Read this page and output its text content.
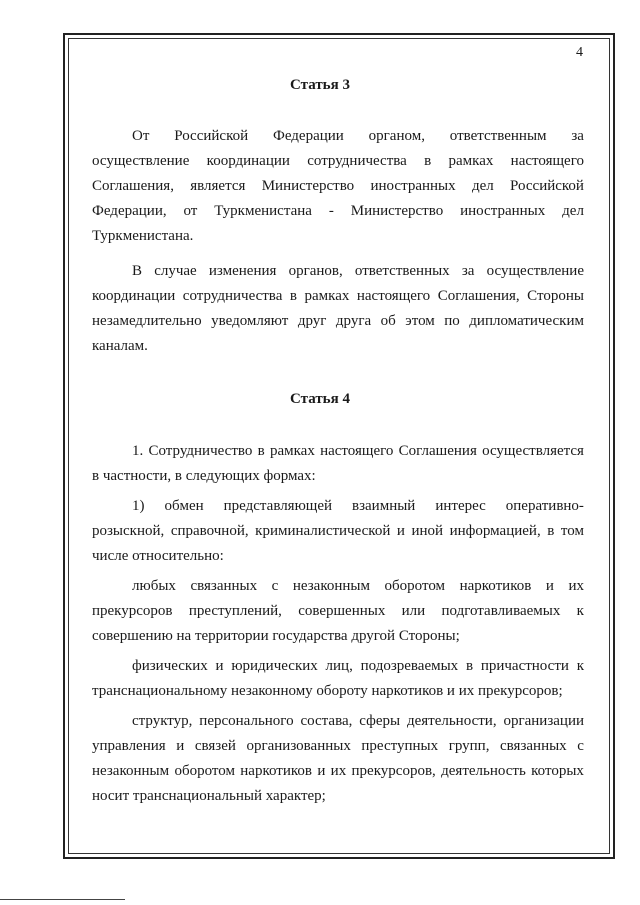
4
Статья 3
От Российской Федерации органом, ответственным за
осуществление координации сотрудничества в рамках настоящего
Соглашения, является Министерство иностранных дел Российской
Федерации, от Туркменистана - Министерство иностранных дел
Туркменистана.
В случае изменения органов, ответственных за осуществление
координации сотрудничества в рамках настоящего Соглашения, Стороны
незамедлительно уведомляют друг друга об этом по дипломатическим
каналам.
Статья 4
1. Сотрудничество в рамках настоящего Соглашения осуществляется
в частности, в следующих формах:
1) обмен представляющей взаимный интерес оперативно-
розыскной, справочной, криминалистической и иной информацией, в том
числе относительно:
любых связанных с незаконным оборотом наркотиков и их
прекурсоров преступлений, совершенных или подготавливаемых к
совершению на территории государства другой Стороны;
физических и юридических лиц, подозреваемых в причастности к
транснациональному незаконному обороту наркотиков и их прекурсоров;
структур, персонального состава, сферы деятельности, организации
управления и связей организованных преступных групп, связанных с
незаконным оборотом наркотиков и их прекурсоров, деятельность которых
носит транснациональный характер;
